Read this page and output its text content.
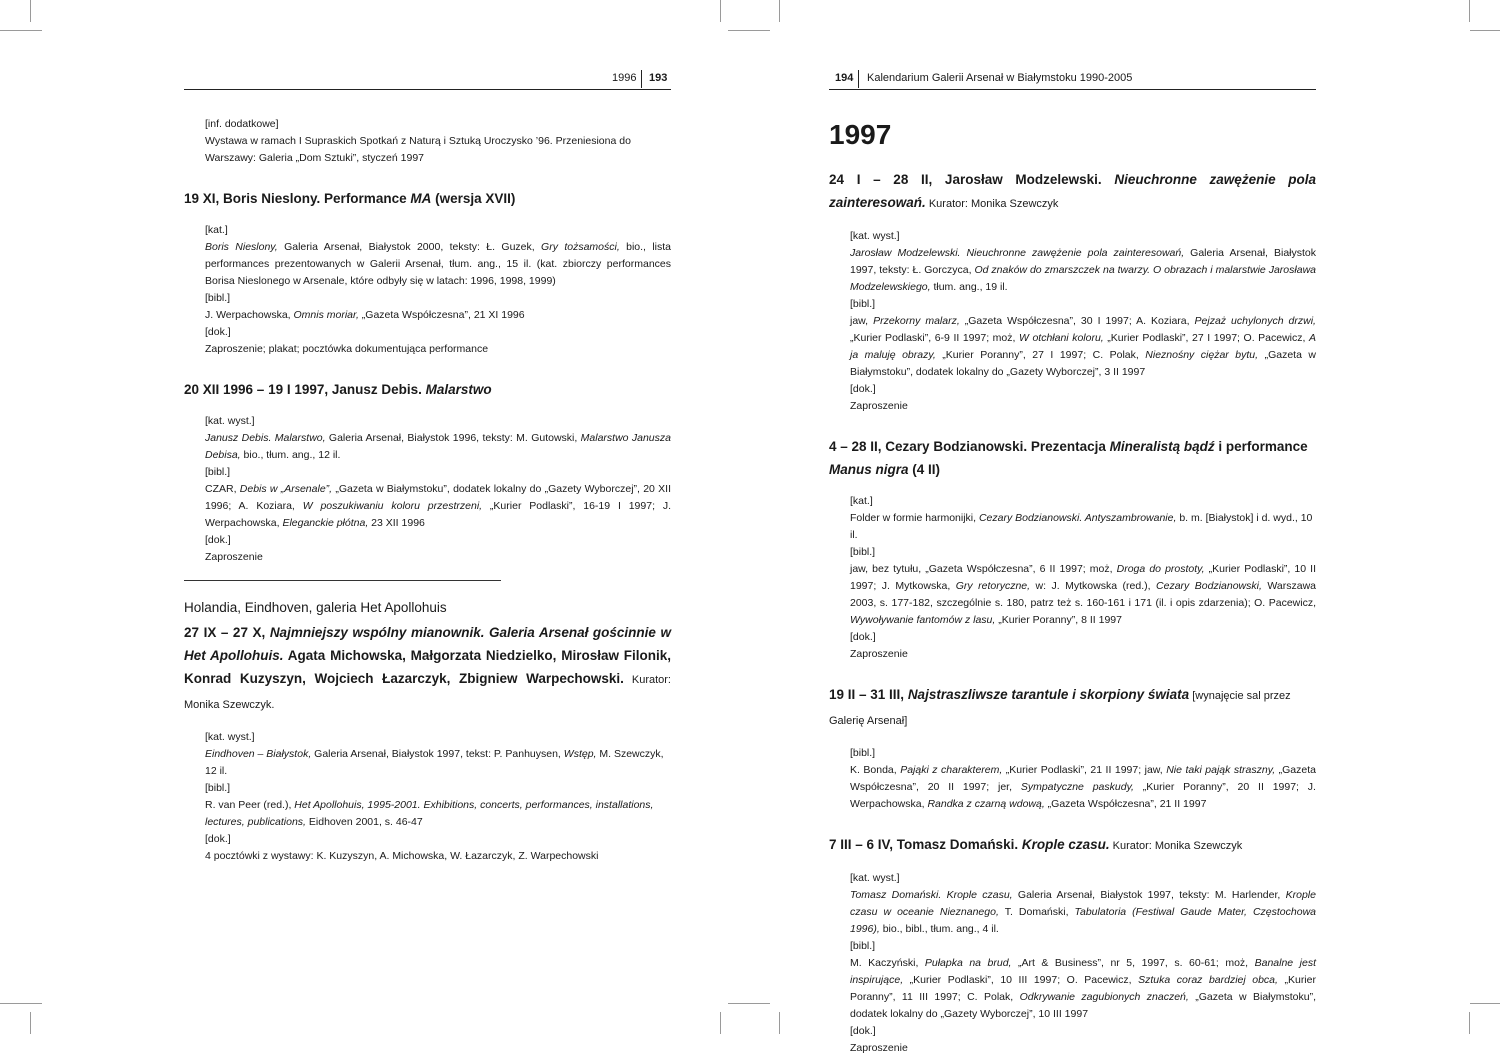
1996 193
[inf. dodatkowe]
Wystawa w ramach I Supraskich Spotkań z Naturą i Sztuką Uroczysko ’96. Przeniesiona do Warszawy: Galeria „Dom Sztuki”, styczeń 1997
19 XI, Boris Nieslony. Performance MA (wersja XVII)
[kat.]
Boris Nieslony, Galeria Arsenał, Białystok 2000, teksty: Ł. Guzek, Gry tożsamości, bio., lista performances prezentowanych w Galerii Arsenał, tłum. ang., 15 il. (kat. zbiorczy performances Borisa Nieslonego w Arsenale, które odbyły się w latach: 1996, 1998, 1999)
[bibl.]
J. Werpachowska, Omnis moriar, „Gazeta Współczesna”, 21 XI 1996
[dok.]
Zaproszenie; plakat; pocztówka dokumentująca performance
20 XII 1996 – 19 I 1997, Janusz Debis. Malarstwo
[kat. wyst.]
Janusz Debis. Malarstwo, Galeria Arsenał, Białystok 1996, teksty: M. Gutowski, Malarstwo Janusza Debisa, bio., tłum. ang., 12 il.
[bibl.]
CZAR, Debis w „Arsenale”, „Gazeta w Białymstoku”, dodatek lokalny do „Gazety Wyborczej”, 20 XII 1996; A. Koziara, W poszukiwaniu koloru przestrzeni, „Kurier Podlaski”, 16-19 I 1997; J. Werpachowska, Eleganckie płótna, 23 XII 1996
[dok.]
Zaproszenie
Holandia, Eindhoven, galeria Het Apollohuis
27 IX – 27 X, Najmniejszy wspólny mianownik. Galeria Arsenał gościnnie w Het Apollohuis. Agata Michowska, Małgorzata Niedzielko, Mirosław Filonik, Konrad Kuzyszyn, Wojciech Łazarczyk, Zbigniew Warpechowski. Kurator: Monika Szewczyk.
[kat. wyst.]
Eindhoven – Białystok, Galeria Arsenał, Białystok 1997, tekst: P. Panhuysen, Wstęp, M. Szewczyk, 12 il.
[bibl.]
R. van Peer (red.), Het Apollohuis, 1995-2001. Exhibitions, concerts, performances, installations, lectures, publications, Eidhoven 2001, s. 46-47
[dok.]
4 pocztówki z wystawy: K. Kuzyszyn, A. Michowska, W. Łazarczyk, Z. Warpechowski
194 Kalendarium Galerii Arsenał w Białymstoku 1990-2005
1997
24 I – 28 II, Jarosław Modzelewski. Nieuchronne zawężenie pola zainteresowań. Kurator: Monika Szewczyk
[kat. wyst.]
Jarosław Modzelewski. Nieuchronne zawężenie pola zainteresowań, Galeria Arsenał, Białystok 1997, teksty: Ł. Gorczyca, Od znaków do zmarszczek na twarzy. O obrazach i malarstwie Jarosława Modzelewskiego, tłum. ang., 19 il.
[bibl.]
jaw, Przekorny malarz, „Gazeta Współczesna”, 30 I 1997; A. Koziara, Pejzaż uchylonych drzwi, „Kurier Podlaski”, 6-9 II 1997; moż, W otchłani koloru, „Kurier Podlaski”, 27 I 1997; O. Pacewicz, A ja maluję obrazy, „Kurier Poranny”, 27 I 1997; C. Polak, Nieznośny ciężar bytu, „Gazeta w Białymstoku”, dodatek lokalny do „Gazety Wyborczej”, 3 II 1997
[dok.]
Zaproszenie
4 – 28 II, Cezary Bodzianowski. Prezentacja Mineralistą bądź i performance Manus nigra (4 II)
[kat.]
Folder w formie harmonijki, Cezary Bodzianowski. Antyszambrowanie, b. m. [Białystok] i d. wyd., 10 il.
[bibl.]
jaw, bez tytułu, „Gazeta Współczesna”, 6 II 1997; moż, Droga do prostoty, „Kurier Podlaski”, 10 II 1997; J. Mytkowska, Gry retoryczne, w: J. Mytkowska (red.), Cezary Bodzianowski, Warszawa 2003, s. 177-182, szczególnie s. 180, patrz też s. 160-161 i 171 (il. i opis zdarzenia); O. Pacewicz, Wywoływanie fantomów z lasu, „Kurier Poranny”, 8 II 1997
[dok.]
Zaproszenie
19 II – 31 III, Najstraszliwsze tarantule i skorpiony świata [wynajęcie sal przez Galerię Arsenał]
[bibl.]
K. Bonda, Pająki z charakterem, „Kurier Podlaski”, 21 II 1997; jaw, Nie taki pająk straszny, „Gazeta Współczesna”, 20 II 1997; jer, Sympatyczne paskudy, „Kurier Poranny”, 20 II 1997; J. Werpachowska, Randka z czarną wdową, „Gazeta Współczesna”, 21 II 1997
7 III – 6 IV, Tomasz Domański. Krople czasu. Kurator: Monika Szewczyk
[kat. wyst.]
Tomasz Domański. Krople czasu, Galeria Arsenał, Białystok 1997, teksty: M. Harlender, Krople czasu w oceanie Nieznanego, T. Domański, Tabulatoria (Festiwal Gaude Mater, Częstochowa 1996), bio., bibl., tłum. ang., 4 il.
[bibl.]
M. Kaczyński, Pułapka na brud, „Art & Business”, nr 5, 1997, s. 60-61; moż, Banalne jest inspirujące, „Kurier Podlaski”, 10 III 1997; O. Pacewicz, Sztuka coraz bardziej obca, „Kurier Poranny”, 11 III 1997; C. Polak, Odkrywanie zagubionych znaczeń, „Gazeta w Białymstoku”, dodatek lokalny do „Gazety Wyborczej”, 10 III 1997
[dok.]
Zaproszenie
